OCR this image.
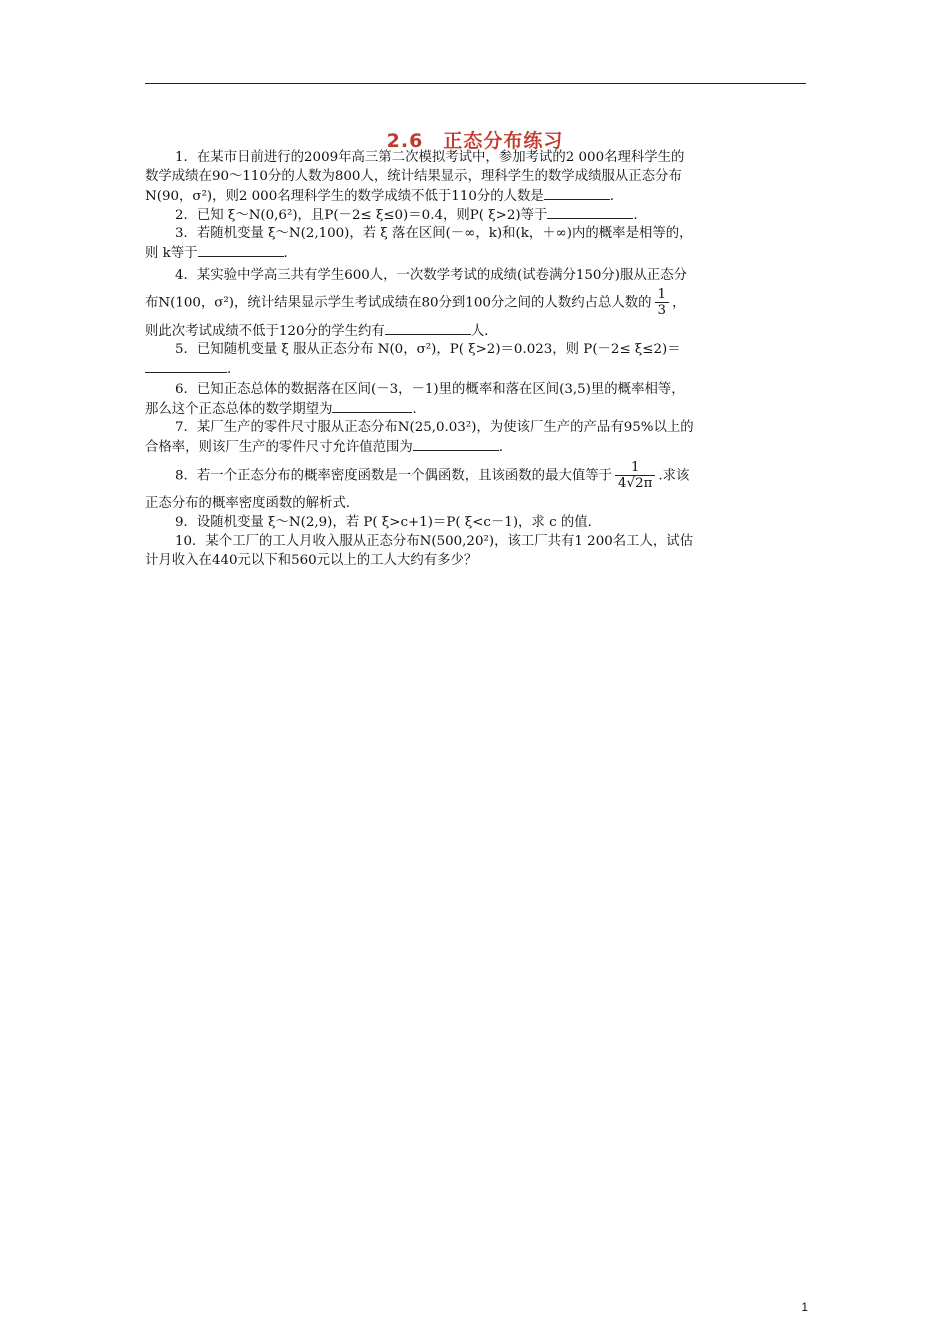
2.6　正态分布练习
1．在某市日前进行的2009年高三第二次模拟考试中，参加考试的2 000名理科学生的
数学成绩在90～110分的人数为800人，统计结果显示，理科学生的数学成绩服从正态分布
N(90，σ²)，则2 000名理科学生的数学成绩不低于110分的人数是	．
2．已知 ξ～N(0,6²)，且P(－2≤ ξ≤0)＝0.4，则P( ξ>2)等于	．
3．若随机变量 ξ～N(2,100)，若 ξ 落在区间(－∞，k)和(k，＋∞)内的概率是相等的，
则 k等于	．
4．某实验中学高三共有学生600人，一次数学考试的成绩(试卷满分150分)服从正态分
布N(100，σ²)，统计结果显示学生考试成绩在80分到100分之间的人数约占总人数的 $\frac{1}{3}$ ，
则此次考试成绩不低于120分的学生约有	人．
5．已知随机变量 ξ 服从正态分布 N(0，σ²)，P( ξ>2)＝0.023，则 P(－2≤ ξ≤2)＝
．
6．已知正态总体的数据落在区间(－3，－1)里的概率和落在区间(3,5)里的概率相等，
那么这个正态总体的数学期望为	．
7．某厂生产的零件尺寸服从正态分布N(25,0.03²)，为使该厂生产的产品有95%以上的
合格率，则该厂生产的零件尺寸允许值范围为	．
8．若一个正态分布的概率密度函数是一个偶函数，且该函数的最大值等于 $\frac{1}{4√2\pi}$ .求该
正态分布的概率密度函数的解析式．
9．设随机变量 ξ～N(2,9)，若 P( ξ>c+1)＝P( ξ<c－1)，求 c 的值．
10．某个工厂的工人月收入服从正态分布N(500,20²)，该工厂共有1 200名工人，试估
计月收入在440元以下和560元以上的工人大约有多少？
1
